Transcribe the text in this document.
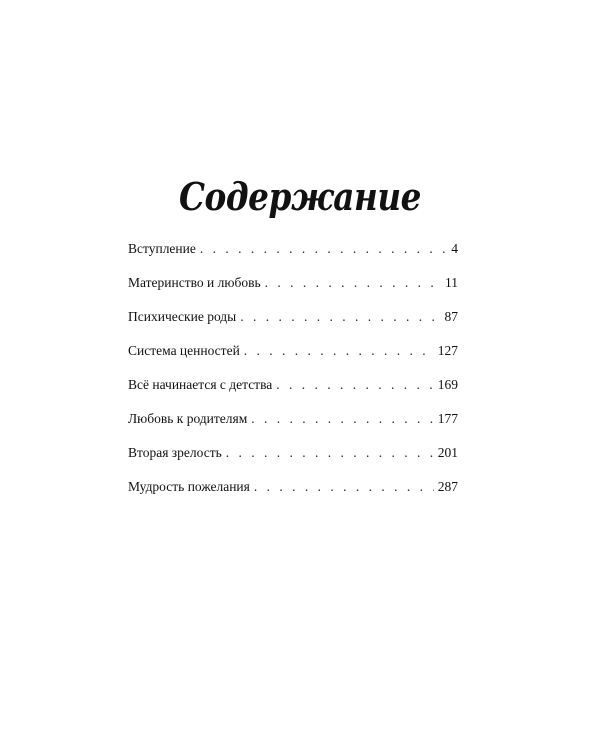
Содержание
Вступление . . .	4
Материнство и любовь . . .	11
Психические роды . . .	87
Система ценностей . . .	127
Всё начинается с детства . . .	169
Любовь к родителям . . .	177
Вторая зрелость . . .	201
Мудрость пожелания . . .	287
